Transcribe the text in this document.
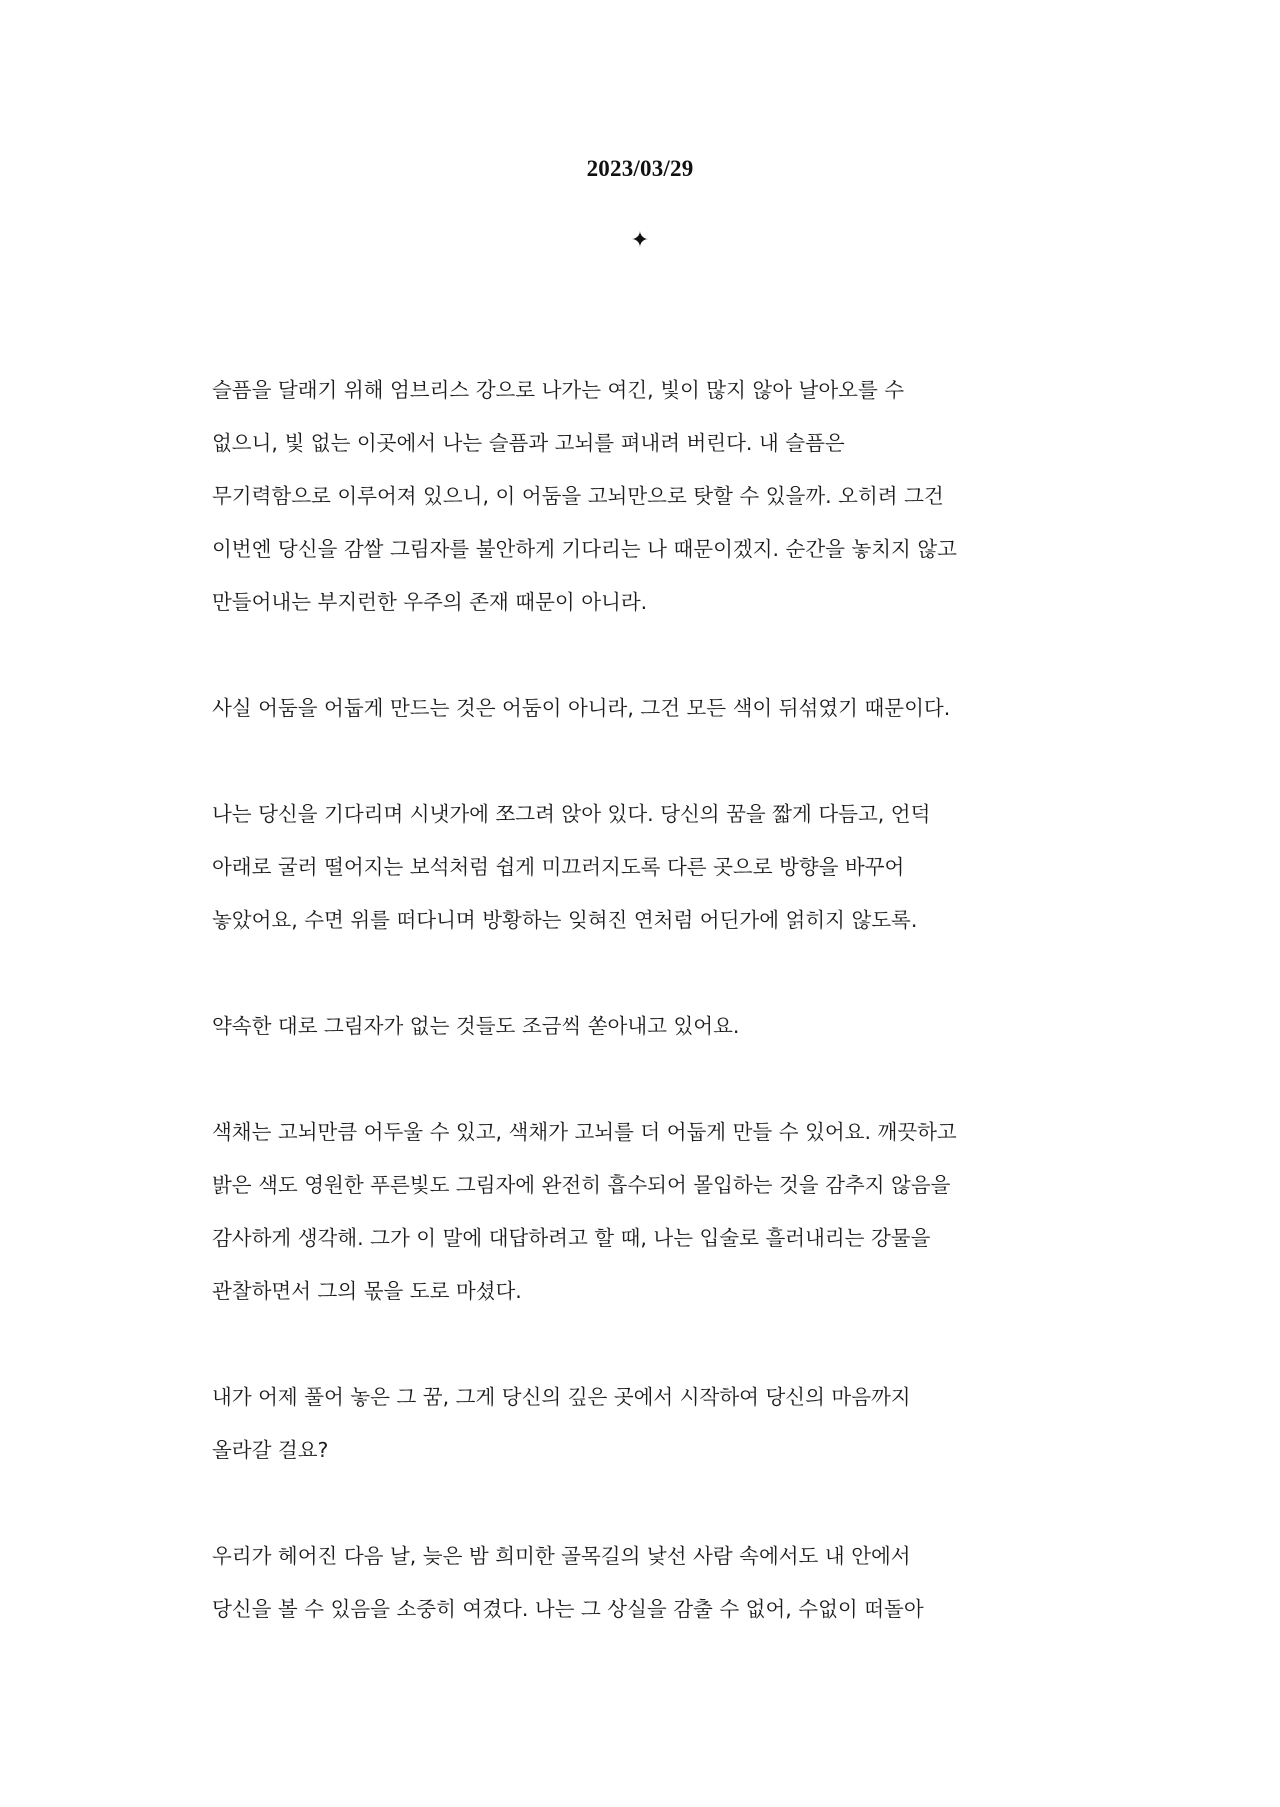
2023/03/29
✦
슬픔을 달래기 위해 엄브리스 강으로 나가는 여긴, 빛이 많지 않아 날아오를 수
없으니, 빛 없는 이곳에서 나는 슬픔과 고뇌를 펴내려 버린다. 내 슬픔은
무기력함으로 이루어져 있으니, 이 어둠을 고뇌만으로 탓할 수 있을까. 오히려 그건
이번엔 당신을 감쌀 그림자를 불안하게 기다리는 나 때문이겠지. 순간을 놓치지 않고
만들어내는 부지런한 우주의 존재 때문이 아니라.
사실 어둠을 어둡게 만드는 것은 어둠이 아니라, 그건 모든 색이 뒤섞였기 때문이다.
나는 당신을 기다리며 시냇가에 쪼그려 앉아 있다. 당신의 꿈을 짧게 다듬고, 언덕
아래로 굴러 떨어지는 보석처럼 쉽게 미끄러지도록 다른 곳으로 방향을 바꾸어
놓았어요, 수면 위를 떠다니며 방황하는 잊혀진 연처럼 어딘가에 얽히지 않도록.
약속한 대로 그림자가 없는 것들도 조금씩 쏟아내고 있어요.
색채는 고뇌만큼 어두울 수 있고, 색채가 고뇌를 더 어둡게 만들 수 있어요. 깨끗하고
밝은 색도 영원한 푸른빛도 그림자에 완전히 흡수되어 몰입하는 것을 감추지 않음을
감사하게 생각해. 그가 이 말에 대답하려고 할 때, 나는 입술로 흘러내리는 강물을
관찰하면서 그의 몫을 도로 마셨다.
내가 어제 풀어 놓은 그 꿈, 그게 당신의 깊은 곳에서 시작하여 당신의 마음까지
올라갈 걸요?
우리가 헤어진 다음 날, 늦은 밤 희미한 골목길의 낯선 사람 속에서도 내 안에서
당신을 볼 수 있음을 소중히 여겼다. 나는 그 상실을 감출 수 없어, 수없이 떠돌아
